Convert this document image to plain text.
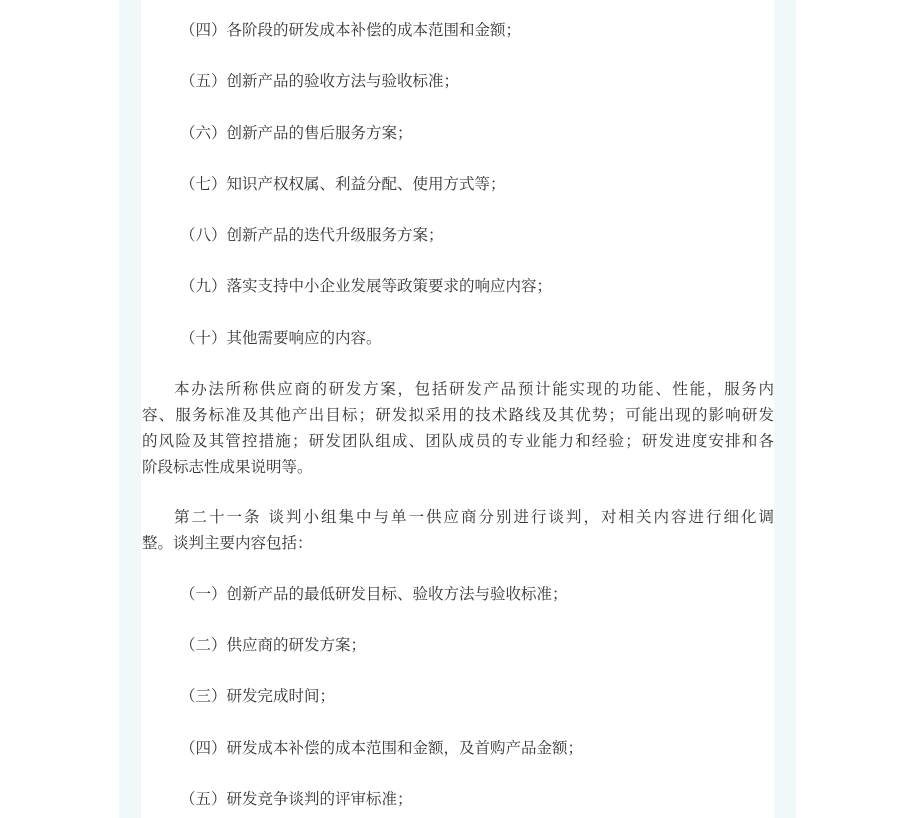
（四）各阶段的研发成本补偿的成本范围和金额；

（五）创新产品的验收方法与验收标准；

（六）创新产品的售后服务方案；

（七）知识产权权属、利益分配、使用方式等；

（八）创新产品的迭代升级服务方案；

（九）落实支持中小企业发展等政策要求的响应内容；

（十）其他需要响应的内容。

本办法所称供应商的研发方案，包括研发产品预计能实现的功能、性能，服务内
容、服务标准及其他产出目标；研发拟采用的技术路线及其优势；可能出现的影响研发
的风险及其管控措施；研发团队组成、团队成员的专业能力和经验；研发进度安排和各
阶段标志性成果说明等。
第二十一条 谈判小组集中与单一供应商分别进行谈判，对相关内容进行细化调
整。谈判主要内容包括：

（一）创新产品的最低研发目标、验收方法与验收标准；

（二）供应商的研发方案；

（三）研发完成时间；

（四）研发成本补偿的成本范围和金额，及首购产品金额；

（五）研发竞争谈判的评审标准；
